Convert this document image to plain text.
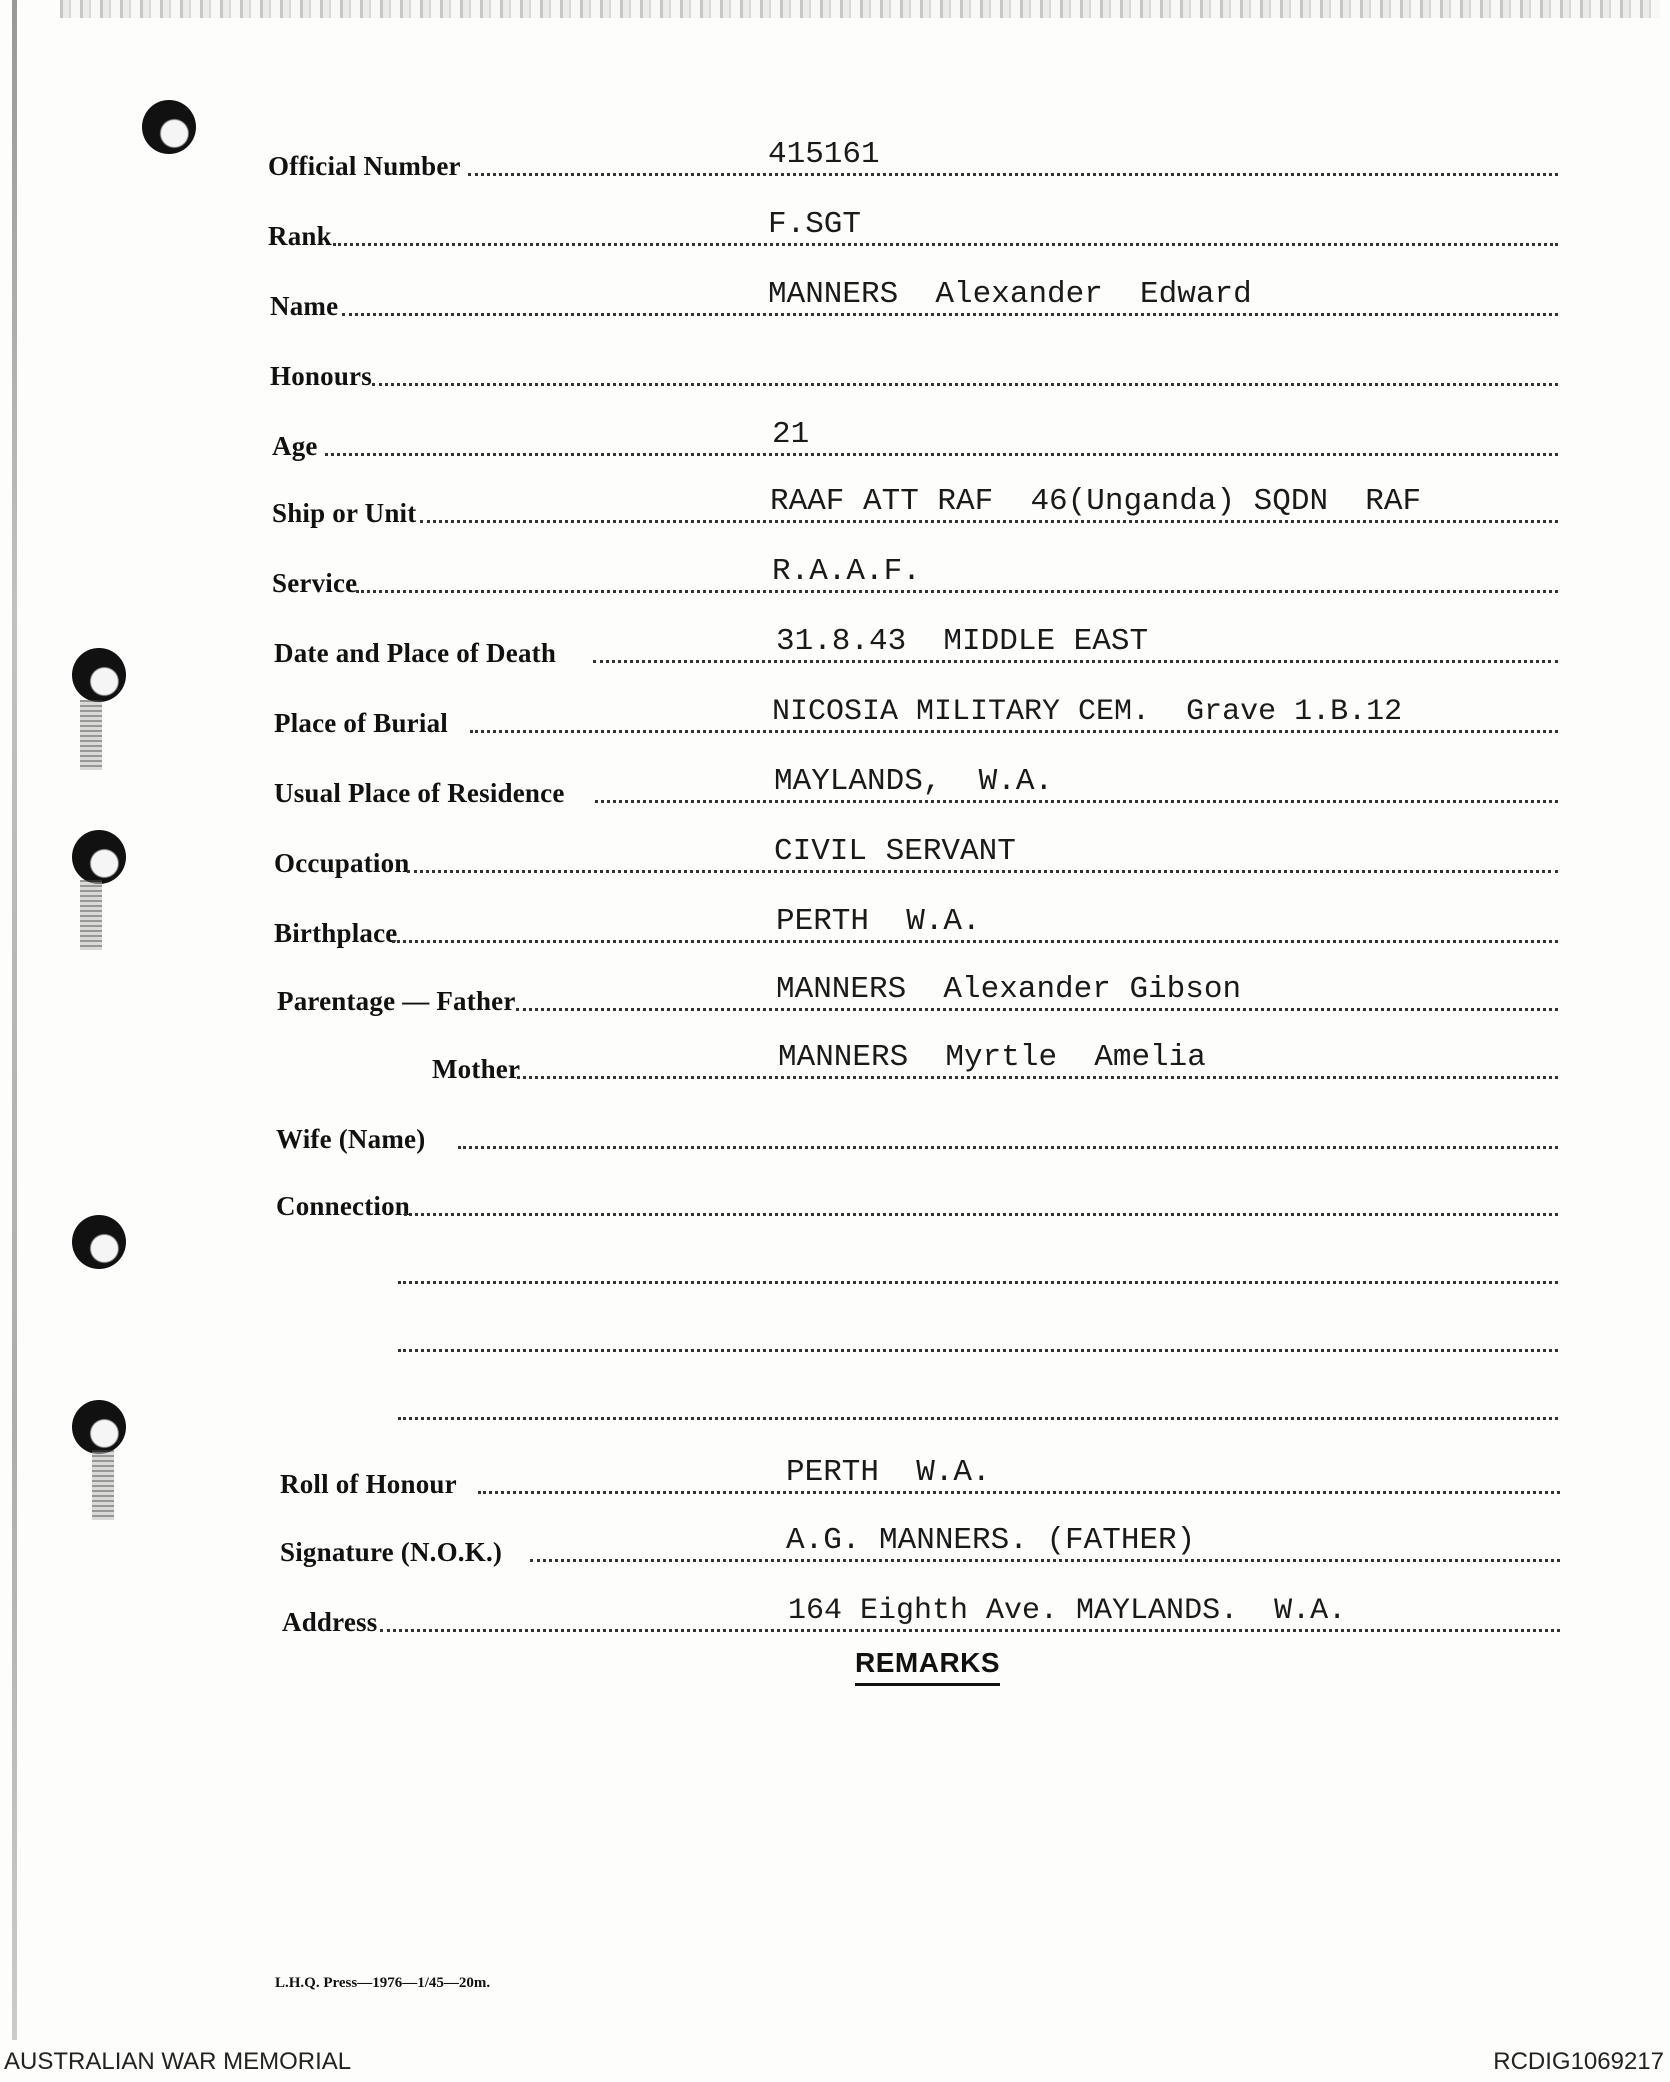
Official Number	415161
Rank	F.SGT
Name	MANNERS  Alexander  Edward
Honours
Age	21
Ship or Unit	RAAF ATT RAF  46(Unganda) SQDN  RAF
Service	R.A.A.F.
Date and Place of Death	31.8.43  MIDDLE EAST
Place of Burial	NICOSIA MILITARY CEM.  Grave 1.B.12
Usual Place of Residence	MAYLANDS,  W.A.
Occupation	CIVIL SERVANT
Birthplace	PERTH  W.A.
Parentage — Father	MANNERS  Alexander Gibson
Mother	MANNERS  Myrtle  Amelia
Wife (Name)
Connection
Roll of Honour	PERTH  W.A.
Signature (N.O.K.)	A.G. MANNERS. (FATHER)
Address	164 Eighth Ave. MAYLANDS.  W.A.
REMARKS
L.H.Q. Press—1976—1/45—20m.
AUSTRALIAN WAR MEMORIAL	RCDIG1069217
